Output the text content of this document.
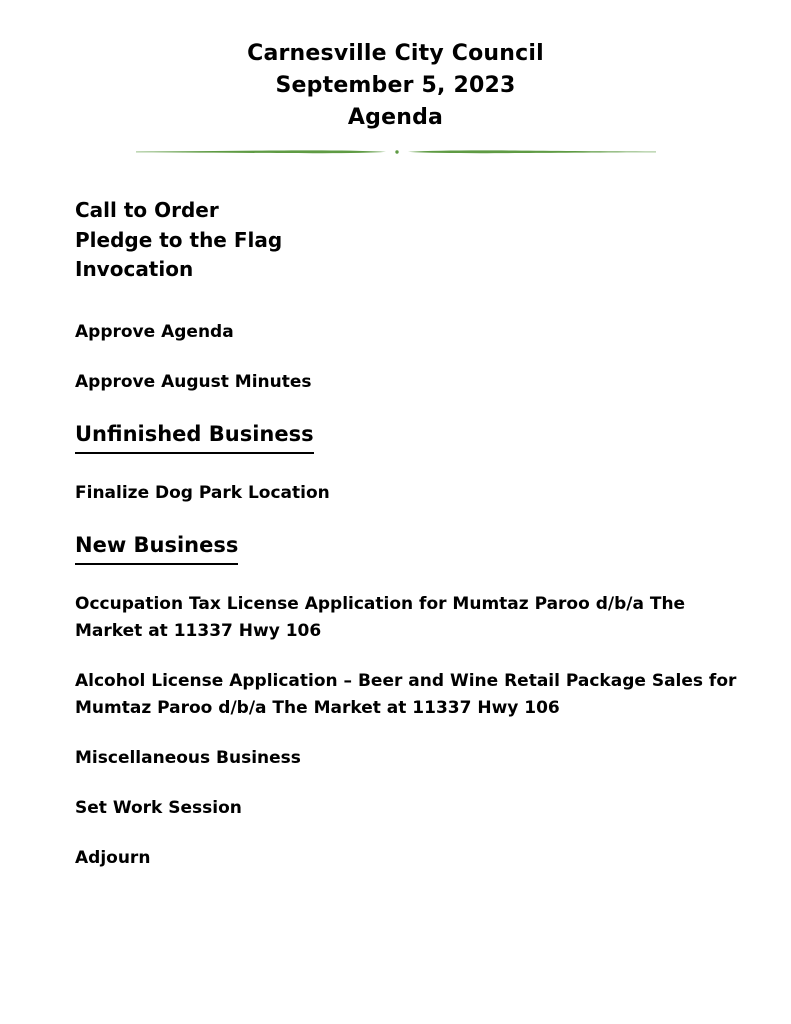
Carnesville City Council
September 5, 2023
Agenda

Call to Order

Pledge to the Flag

Invocation

Approve Agenda

Approve August Minutes

Unfinished Business

Finalize Dog Park Location

New Business

Occupation Tax License Application for Mumtaz Paroo d/b/a The Market at 11337 Hwy 106

Alcohol License Application – Beer and Wine Retail Package Sales for Mumtaz Paroo d/b/a The Market at 11337 Hwy 106

Miscellaneous Business

Set Work Session

Adjourn
